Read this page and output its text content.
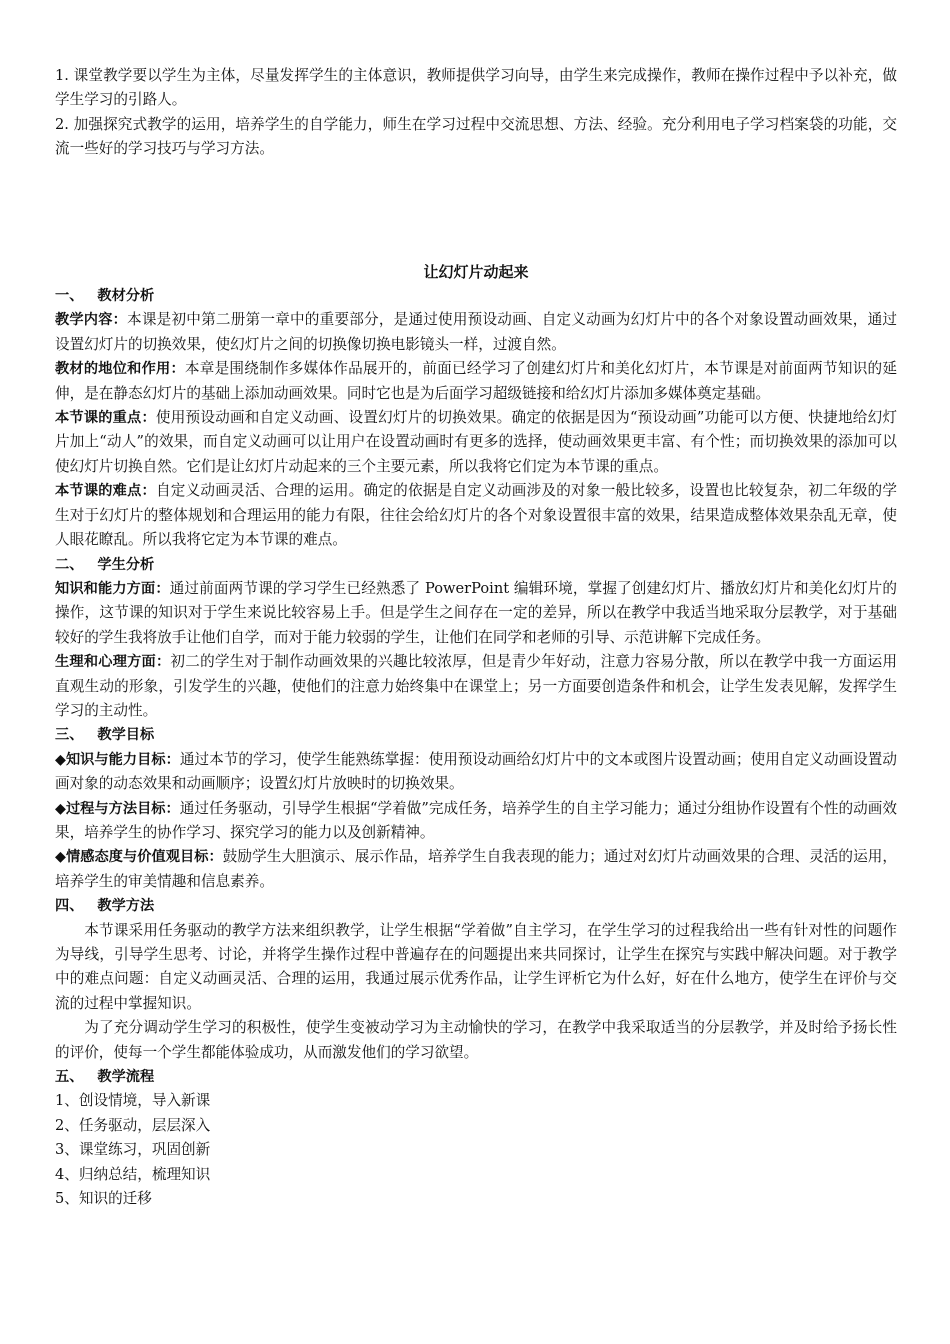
1. 课堂教学要以学生为主体，尽量发挥学生的主体意识，教师提供学习向导，由学生来完成操作，教师在操作过程中予以补充，做学生学习的引路人。

2. 加强探究式教学的运用，培养学生的自学能力，师生在学习过程中交流思想、方法、经验。充分利用电子学习档案袋的功能，交流一些好的学习技巧与学习方法。

让幻灯片动起来

一、 教材分析

教学内容：本课是初中第二册第一章中的重要部分，是通过使用预设动画、自定义动画为幻灯片中的各个对象设置动画效果，通过设置幻灯片的切换效果，使幻灯片之间的切换像切换电影镜头一样，过渡自然。

教材的地位和作用：本章是围绕制作多媒体作品展开的，前面已经学习了创建幻灯片和美化幻灯片，本节课是对前面两节知识的延伸，是在静态幻灯片的基础上添加动画效果。同时它也是为后面学习超级链接和给幻灯片添加多媒体奠定基础。

本节课的重点：使用预设动画和自定义动画、设置幻灯片的切换效果。确定的依据是因为“预设动画”功能可以方便、快捷地给幻灯片加上“动人”的效果，而自定义动画可以让用户在设置动画时有更多的选择，使动画效果更丰富、有个性；而切换效果的添加可以使幻灯片切换自然。它们是让幻灯片动起来的三个主要元素，所以我将它们定为本节课的重点。

本节课的难点：自定义动画灵活、合理的运用。确定的依据是自定义动画涉及的对象一般比较多，设置也比较复杂，初二年级的学生对于幻灯片的整体规划和合理运用的能力有限，往往会给幻灯片的各个对象设置很丰富的效果，结果造成整体效果杂乱无章，使人眼花瞭乱。所以我将它定为本节课的难点。

二、 学生分析

知识和能力方面：通过前面两节课的学习学生已经熟悉了 PowerPoint 编辑环境，掌握了创建幻灯片、播放幻灯片和美化幻灯片的操作，这节课的知识对于学生来说比较容易上手。但是学生之间存在一定的差异，所以在教学中我适当地采取分层教学，对于基础较好的学生我将放手让他们自学，而对于能力较弱的学生，让他们在同学和老师的引导、示范讲解下完成任务。

生理和心理方面：初二的学生对于制作动画效果的兴趣比较浓厚，但是青少年好动，注意力容易分散，所以在教学中我一方面运用直观生动的形象，引发学生的兴趣，使他们的注意力始终集中在课堂上；另一方面要创造条件和机会，让学生发表见解，发挥学生学习的主动性。

三、 教学目标

◆知识与能力目标：通过本节的学习，使学生能熟练掌握：使用预设动画给幻灯片中的文本或图片设置动画；使用自定义动画设置动画对象的动态效果和动画顺序；设置幻灯片放映时的切换效果。

◆过程与方法目标：通过任务驱动，引导学生根据“学着做”完成任务，培养学生的自主学习能力；通过分组协作设置有个性的动画效果，培养学生的协作学习、探究学习的能力以及创新精神。

◆情感态度与价值观目标：鼓励学生大胆演示、展示作品，培养学生自我表现的能力；通过对幻灯片动画效果的合理、灵活的运用，培养学生的审美情趣和信息素养。

四、 教学方法

本节课采用任务驱动的教学方法来组织教学，让学生根据“学着做”自主学习，在学生学习的过程我给出一些有针对性的问题作为导线，引导学生思考、讨论，并将学生操作过程中普遍存在的问题提出来共同探讨，让学生在探究与实践中解决问题。对于教学中的难点问题：自定义动画灵活、合理的运用，我通过展示优秀作品，让学生评析它为什么好，好在什么地方，使学生在评价与交流的过程中掌握知识。

为了充分调动学生学习的积极性，使学生变被动学习为主动愉快的学习，在教学中我采取适当的分层教学，并及时给予扬长性的评价，使每一个学生都能体验成功，从而激发他们的学习欲望。

五、 教学流程

1、创设情境，导入新课

2、任务驱动，层层深入

3、课堂练习，巩固创新

4、归纳总结，梳理知识

5、知识的迁移
